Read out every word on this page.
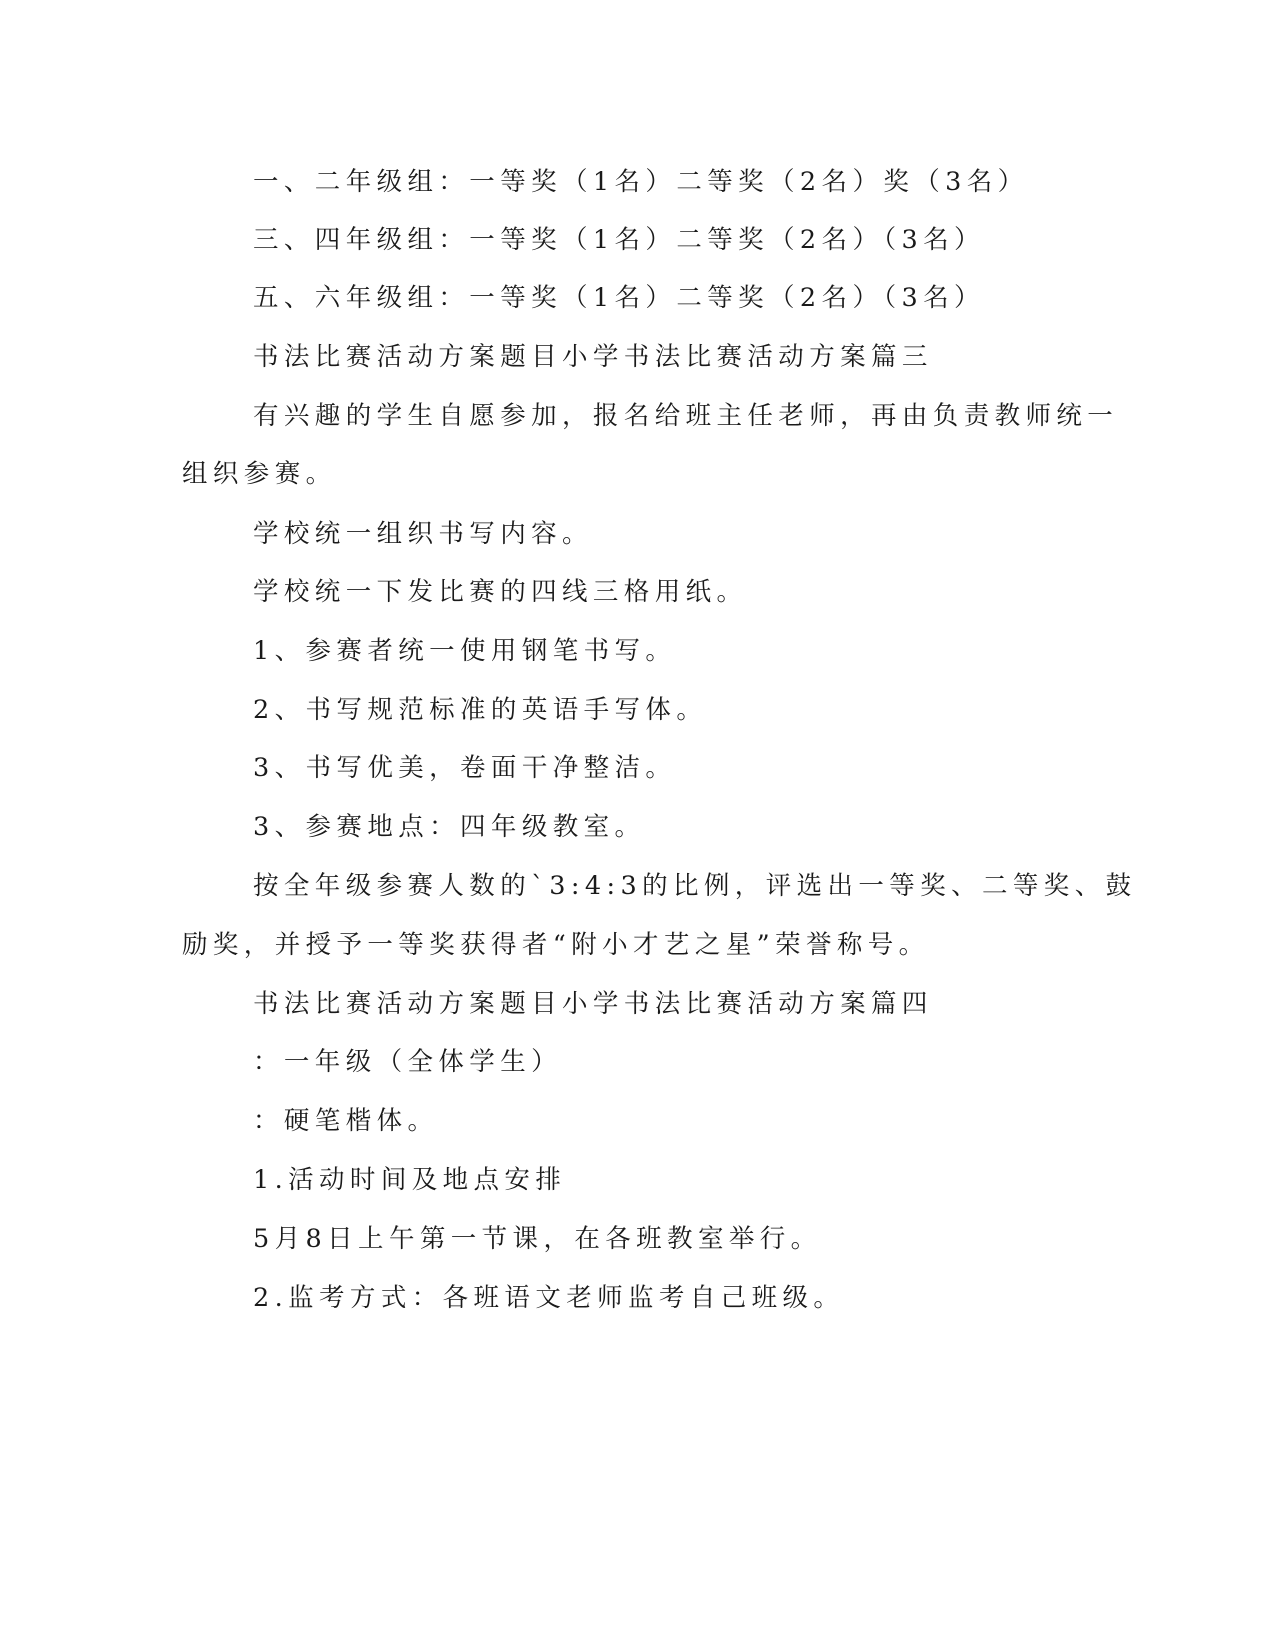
一、二年级组：一等奖（1名）二等奖（2名）奖（3名）
三、四年级组：一等奖（1名）二等奖（2名）（3名）
五、六年级组：一等奖（1名）二等奖（2名）（3名）
书法比赛活动方案题目小学书法比赛活动方案篇三
有兴趣的学生自愿参加，报名给班主任老师，再由负责教师统一
组织参赛。
学校统一组织书写内容。
学校统一下发比赛的四线三格用纸。
1、参赛者统一使用钢笔书写。
2、书写规范标准的英语手写体。
3、书写优美，卷面干净整洁。
3、参赛地点：四年级教室。
按全年级参赛人数的`3:4:3的比例，评选出一等奖、二等奖、鼓
励奖，并授予一等奖获得者“附小才艺之星”荣誉称号。
书法比赛活动方案题目小学书法比赛活动方案篇四
：一年级（全体学生）
：硬笔楷体。
1.活动时间及地点安排
5月8日上午第一节课，在各班教室举行。
2.监考方式：各班语文老师监考自己班级。
